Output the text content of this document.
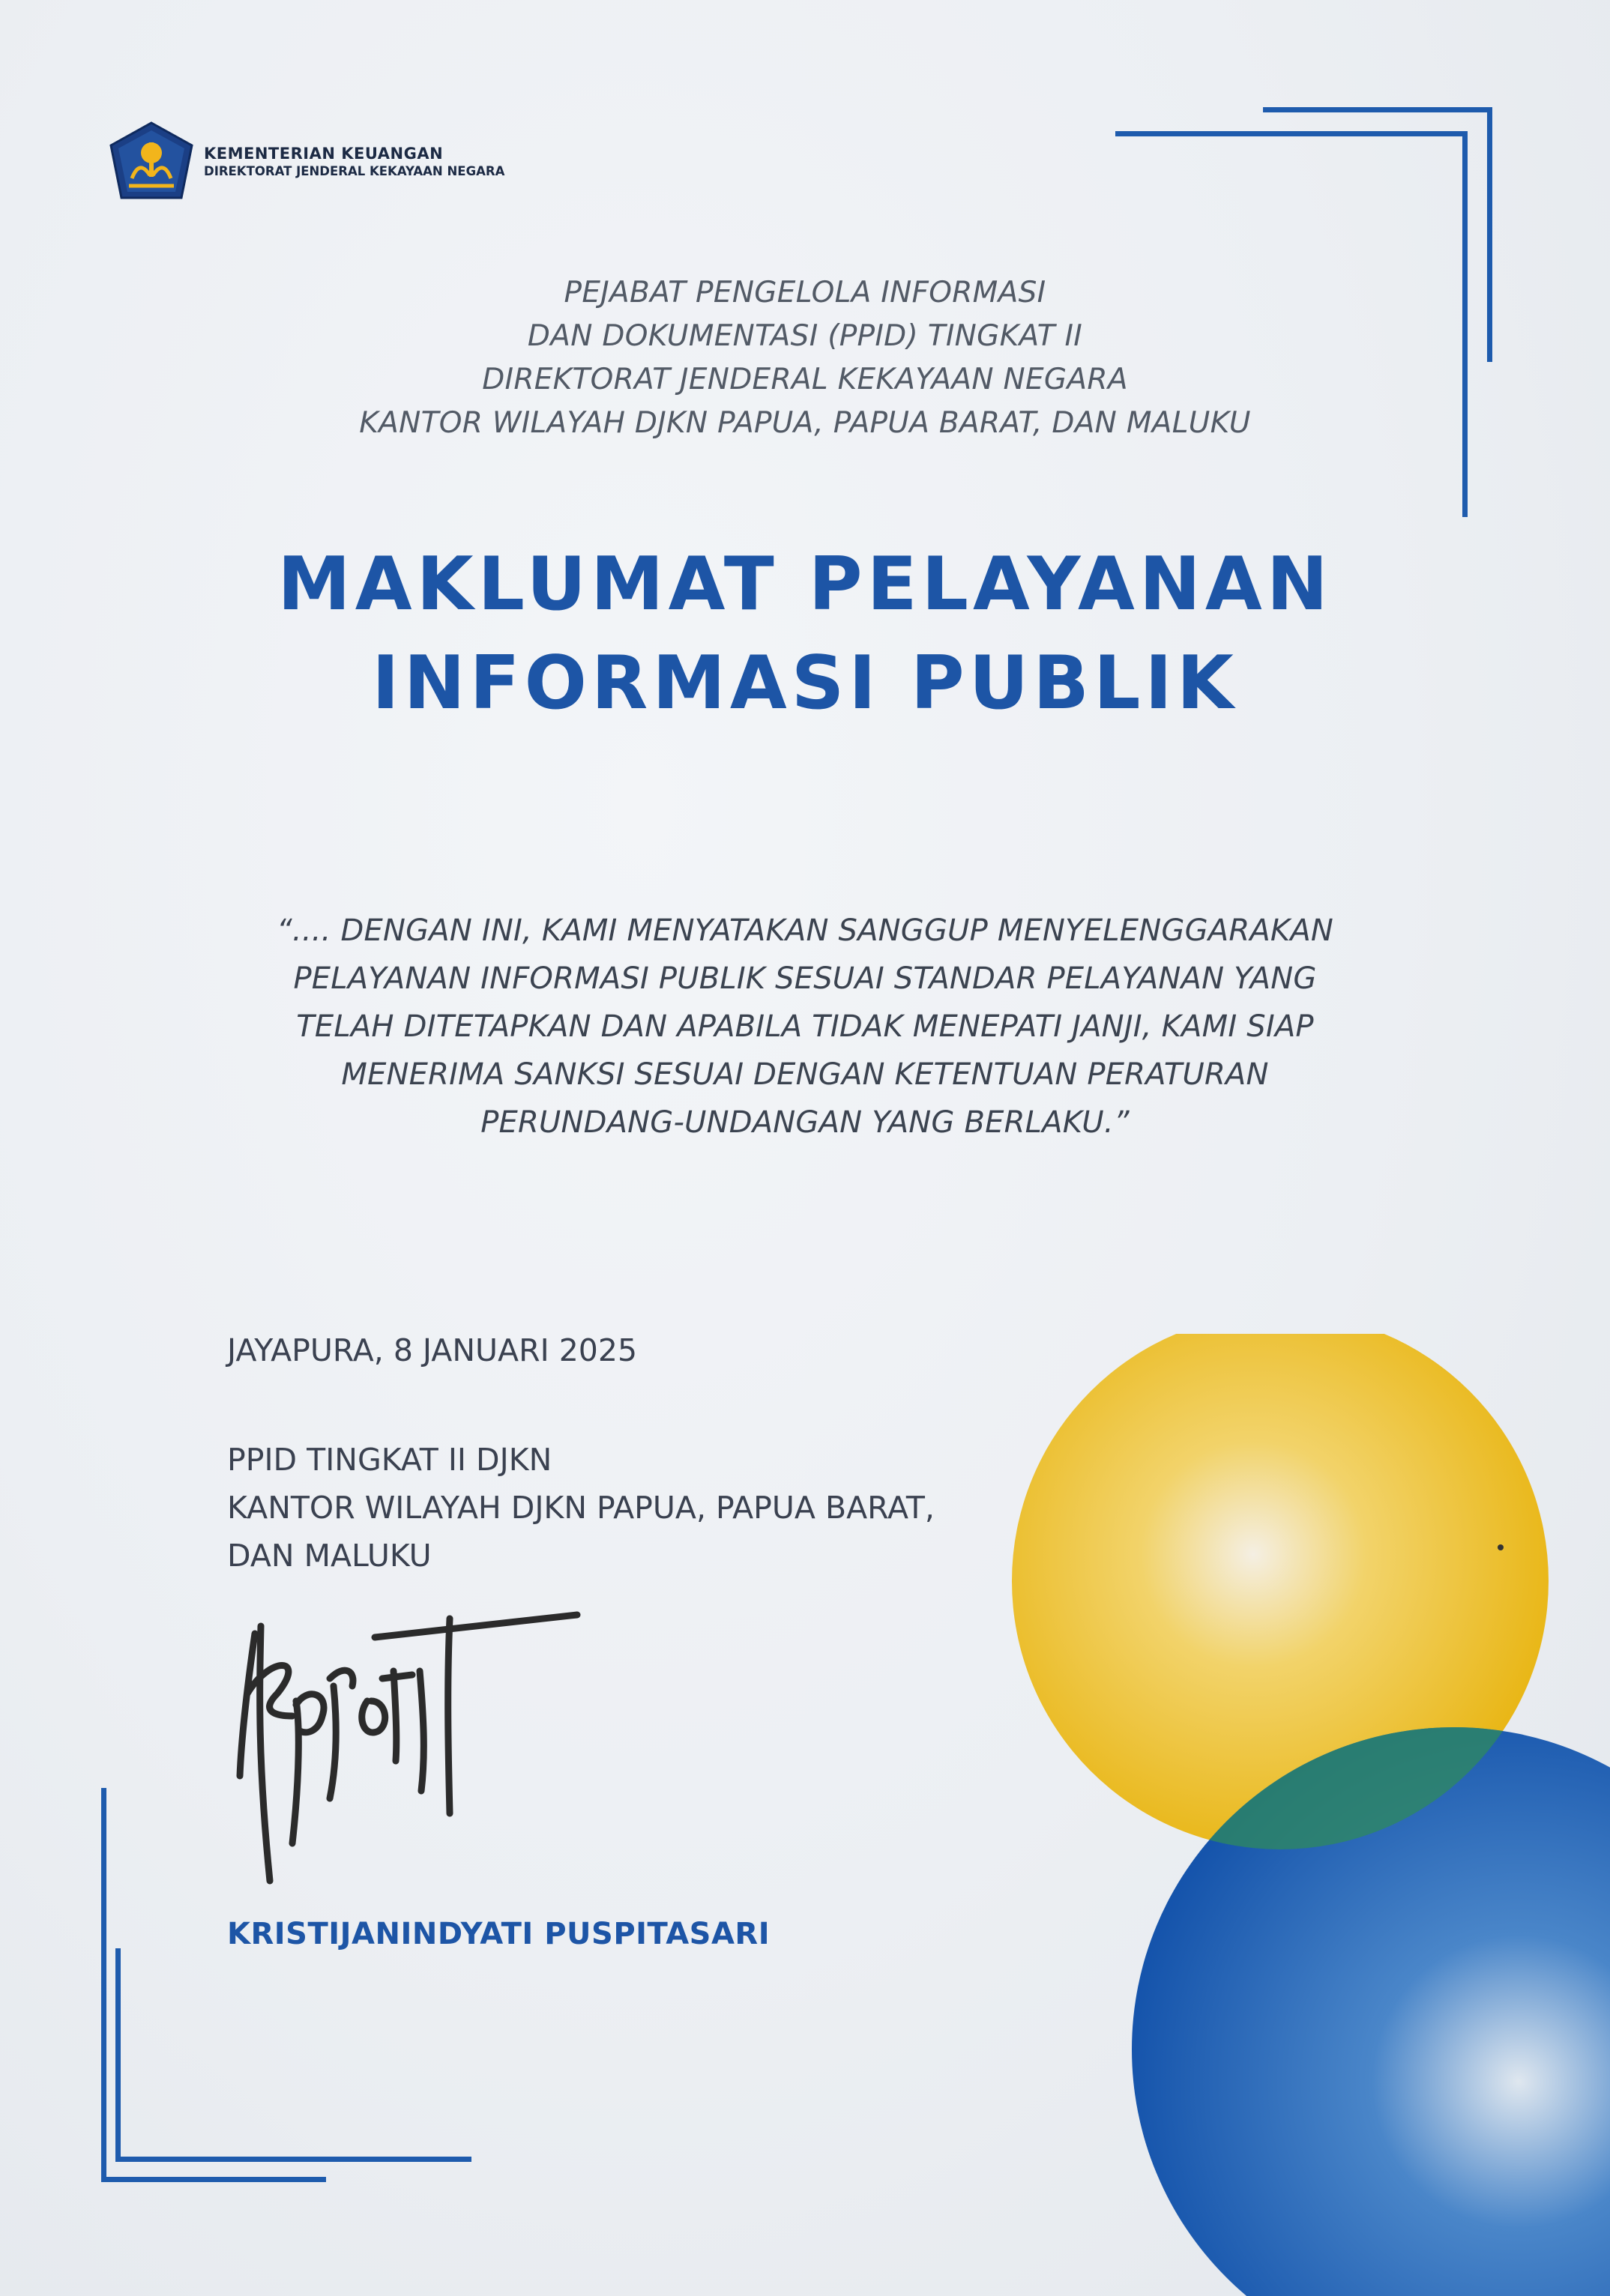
KEMENTERIAN KEUANGAN
DIREKTORAT JENDERAL KEKAYAAN NEGARA
PEJABAT PENGELOLA INFORMASI
DAN DOKUMENTASI (PPID) TINGKAT II
DIREKTORAT JENDERAL KEKAYAAN NEGARA
KANTOR WILAYAH DJKN PAPUA, PAPUA BARAT, DAN MALUKU
MAKLUMAT PELAYANAN
INFORMASI PUBLIK
“.... DENGAN INI, KAMI MENYATAKAN SANGGUP MENYELENGGARAKAN
PELAYANAN INFORMASI PUBLIK SESUAI STANDAR PELAYANAN YANG
TELAH DITETAPKAN DAN APABILA TIDAK MENEPATI JANJI, KAMI SIAP
MENERIMA SANKSI SESUAI DENGAN KETENTUAN PERATURAN
PERUNDANG-UNDANGAN YANG BERLAKU.”
JAYAPURA, 8 JANUARI 2025
PPID TINGKAT II DJKN
KANTOR WILAYAH DJKN PAPUA, PAPUA BARAT,
DAN MALUKU
KRISTIJANINDYATI PUSPITASARI
